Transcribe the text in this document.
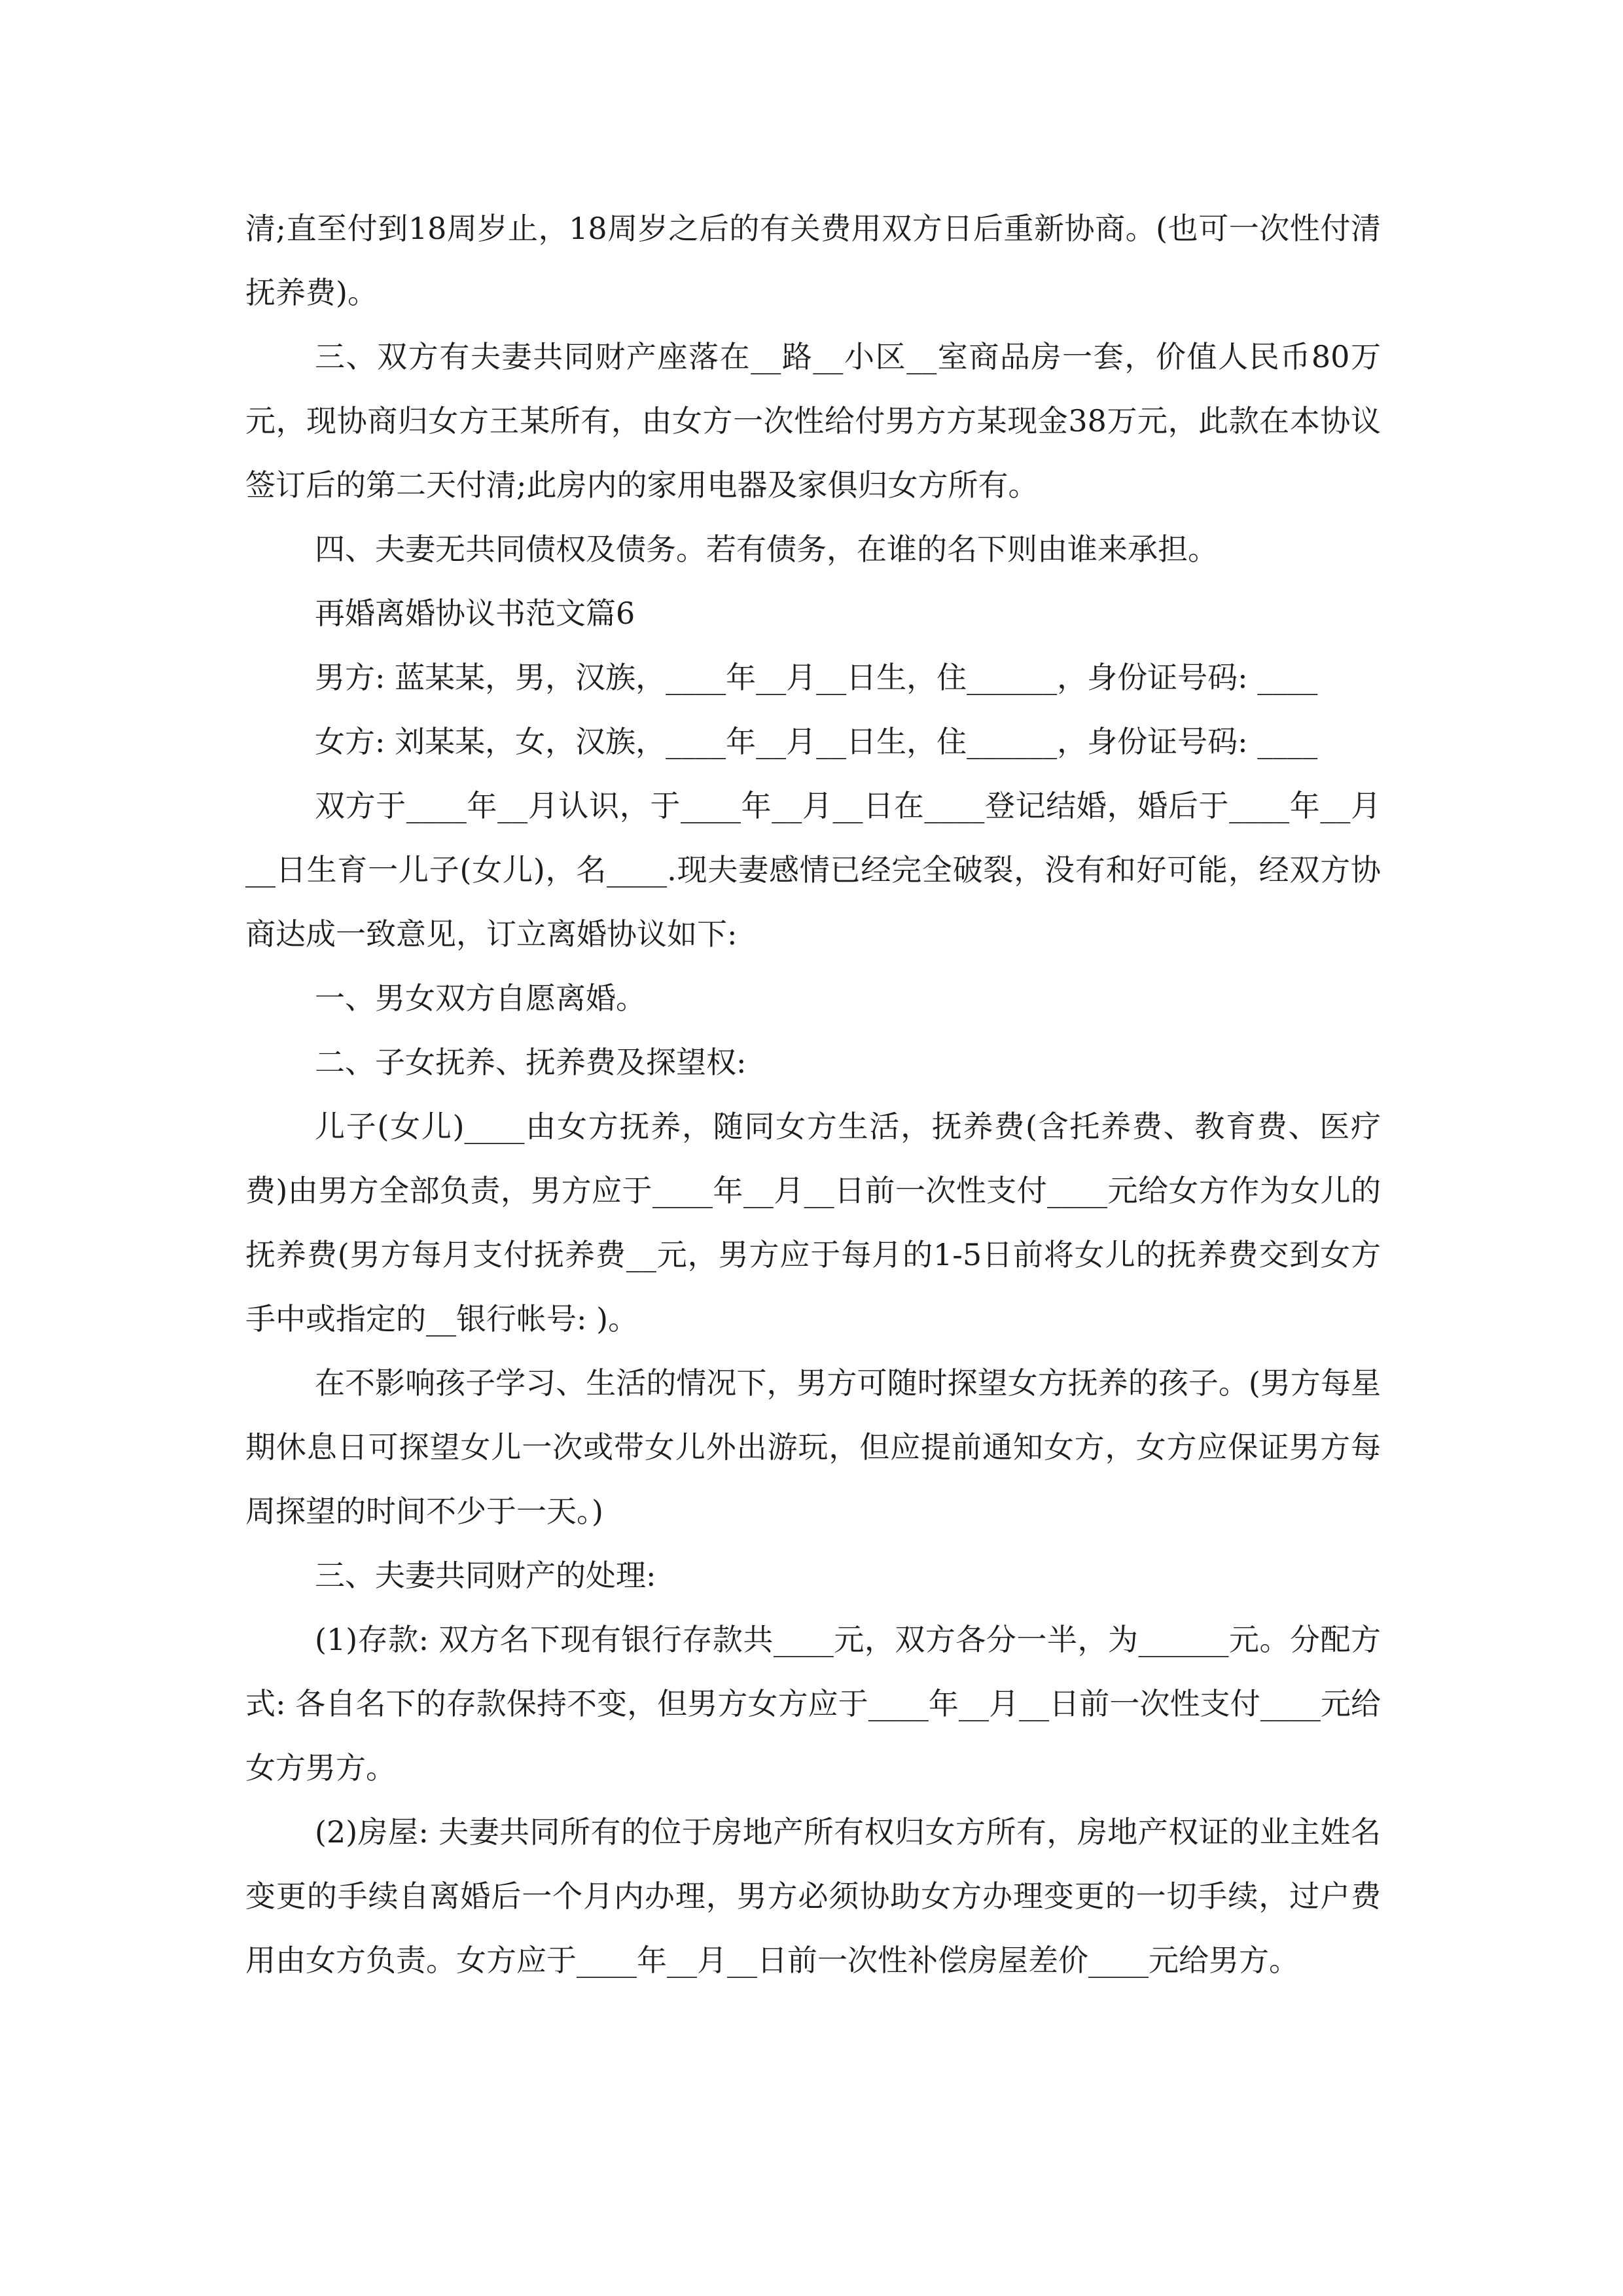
清;直至付到18周岁止，18周岁之后的有关费用双方日后重新协商。(也可一次性付清抚养费)。

三、双方有夫妻共同财产座落在__路__小区__室商品房一套，价值人民币80万元，现协商归女方王某所有，由女方一次性给付男方方某现金38万元，此款在本协议签订后的第二天付清;此房内的家用电器及家俱归女方所有。

四、夫妻无共同债权及债务。若有债务，在谁的名下则由谁来承担。

再婚离婚协议书范文篇6

男方: 蓝某某，男，汉族，____年__月__日生，住______，身份证号码: ____

女方: 刘某某，女，汉族，____年__月__日生，住______，身份证号码: ____

双方于____年__月认识，于____年__月__日在____登记结婚，婚后于____年__月__日生育一儿子(女儿)，名____.现夫妻感情已经完全破裂，没有和好可能，经双方协商达成一致意见，订立离婚协议如下:

一、男女双方自愿离婚。

二、子女抚养、抚养费及探望权:

儿子(女儿)____由女方抚养，随同女方生活，抚养费(含托养费、教育费、医疗费)由男方全部负责，男方应于____年__月__日前一次性支付____元给女方作为女儿的抚养费(男方每月支付抚养费__元，男方应于每月的1-5日前将女儿的抚养费交到女方手中或指定的__银行帐号: )。

在不影响孩子学习、生活的情况下，男方可随时探望女方抚养的孩子。(男方每星期休息日可探望女儿一次或带女儿外出游玩，但应提前通知女方，女方应保证男方每周探望的时间不少于一天。)

三、夫妻共同财产的处理:

(1)存款: 双方名下现有银行存款共____元，双方各分一半，为______元。分配方式: 各自名下的存款保持不变，但男方女方应于____年__月__日前一次性支付____元给女方男方。

(2)房屋: 夫妻共同所有的位于房地产所有权归女方所有，房地产权证的业主姓名变更的手续自离婚后一个月内办理，男方必须协助女方办理变更的一切手续，过户费用由女方负责。女方应于____年__月__日前一次性补偿房屋差价____元给男方。
